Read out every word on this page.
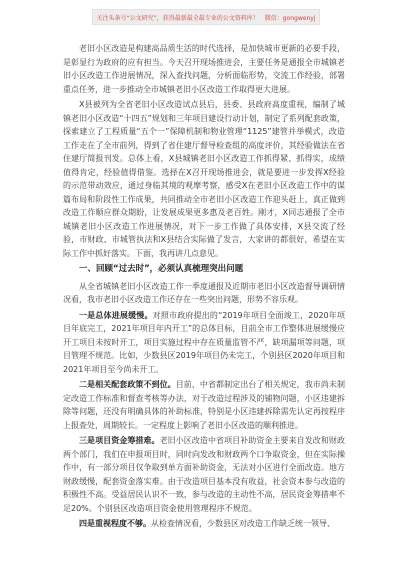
关注头条号“公文研究”，获得最新最全最专业的公文资料库！ 微信：gongwenyj

老旧小区改造是构建高品质生活的时代选择，是加快城市更新的必要手段，是彰显行为政府的应有担当。今天召开现场推进会，主要任务是通报全市城镇老旧小区改造工作进展情况，深入查找问题，分析面临形势，交流工作经验，部署重点任务，进一步推动全市城镇老旧小区改造工作取得更大进展。

X县被列为全省老旧小区改造试点县后，县委、县政府高度重视，编制了城镇老旧小区改造“十四五”规划和三年项目建设行动计划，制定了系列配套政策，探索建立了工程质量“五个一”保障机制和物业管理“1125”建管并举模式，改造工作走在了全市前列，得到了省住建厅督导检查组的高度评价，其经验做法在省住建厅简报刊发。总体上看，X县城镇老旧小区改造工作抓得紧、抓得实，成绩值得肯定，经验值得借鉴。选择在X召开现场推进会，就是要进一步发挥X经验的示范带动效应，通过身临其境的观摩考察，感受X在老旧小区改造工作中的谋篇布局和阶段性工作成果，共同推动全市老旧小区改造工作迎头赶上，真正做到改造工作顺应群众期盼，让发展成果更多惠及老百姓。刚才，X同志通报了全市城镇老旧小区改造工作进展情况，对下一步工作做了具体安排，X县交流了经验，市财政、市城管执法和X县结合实际做了发言，大家讲的都很好，希望在实际工作中抓好落实。下面，我再讲几点意见。

一、回顾“过去时”，必须认真梳理突出问题

从全省城镇老旧小区改造工作一季度通报及近期市老旧小区改造督导调研情况看，我市老旧小区改造工作还存在一些突出问题，形势不容乐观。

一是总体进展缓慢。对照市政府提出的“2019年项目全面竣工，2020年项目年底完工，2021年项目年内开工”的总体目标，目前全市工作整体进展缓慢应开工项目未按时开工，项目实施过程中存在质量监管不严，缺项漏项等问题，项目管理不规范。比如，少数县区2019年项目仍未完工，个别县区2020年项目和2021年项目至今尚未开工。

二是相关配套政策不到位。目前，中省都制定出台了相关规定，我市尚未制定改造工作标准和督查考核等办法，对于改造过程涉及的铺物问题，小区违建拆除等问题，还没有明确具体的补助标准，特别是小区违建拆除需先认定再按程序上报查处，周期较长。一定程度上影响了老旧小区改造的顺利推进。

三是项目资金筹措难。老旧小区改造中省项目补助资金主要来自发改和财政两个部门，我们在申报项目时，同时向发改和财政两个口争取资金，但在实际操作中，有一部分项目仅争取到单方面补助资金，无法对小区进行全面改造。地方财政缓慢，配套资金落实难。由于改造项目基本没有收益，社会资本参与改造的积极性不高。受益居民认识不一致，参与改造的主动性不高，居民资金筹措率不足20%。个别县区改造项目资金使用管理程序不规范。

四是重视程度不够。从检查情况看，少数县区对改造工作缺乏统一领导、
